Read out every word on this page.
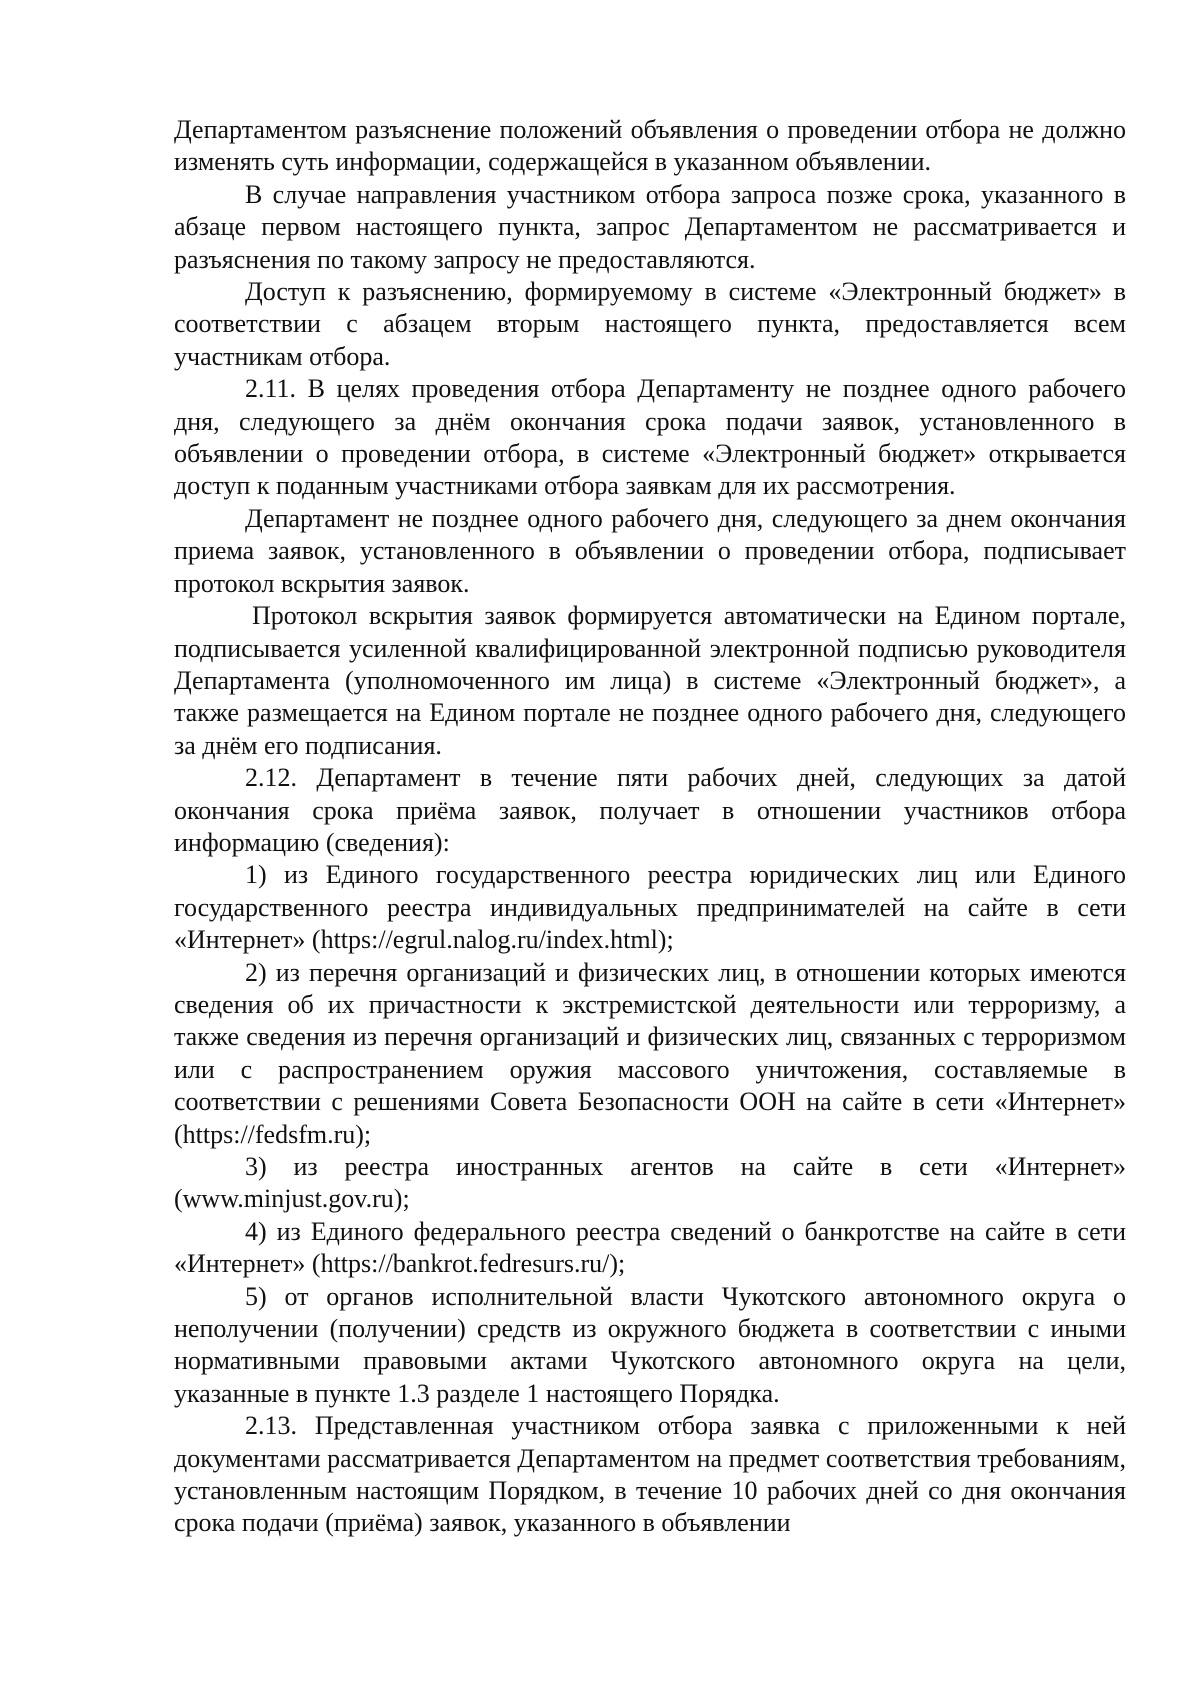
Департаментом разъяснение положений объявления о проведении отбора не должно изменять суть информации, содержащейся в указанном объявлении.

В случае направления участником отбора запроса позже срока, указанного в абзаце первом настоящего пункта, запрос Департаментом не рассматривается и разъяснения по такому запросу не предоставляются.

Доступ к разъяснению, формируемому в системе «Электронный бюджет» в соответствии с абзацем вторым настоящего пункта, предоставляется всем участникам отбора.

2.11. В целях проведения отбора Департаменту не позднее одного рабочего дня, следующего за днём окончания срока подачи заявок, установленного в объявлении о проведении отбора, в системе «Электронный бюджет» открывается доступ к поданным участниками отбора заявкам для их рассмотрения.

Департамент не позднее одного рабочего дня, следующего за днем окончания приема заявок, установленного в объявлении о проведении отбора, подписывает протокол вскрытия заявок.

Протокол вскрытия заявок формируется автоматически на Едином портале, подписывается усиленной квалифицированной электронной подписью руководителя Департамента (уполномоченного им лица) в системе «Электронный бюджет», а также размещается на Едином портале не позднее одного рабочего дня, следующего за днём его подписания.

2.12. Департамент в течение пяти рабочих дней, следующих за датой окончания срока приёма заявок, получает в отношении участников отбора информацию (сведения):

1) из Единого государственного реестра юридических лиц или Единого государственного реестра индивидуальных предпринимателей на сайте в сети «Интернет» (https://egrul.nalog.ru/index.html);

2) из перечня организаций и физических лиц, в отношении которых имеются сведения об их причастности к экстремистской деятельности или терроризму, а также сведения из перечня организаций и физических лиц, связанных с терроризмом или с распространением оружия массового уничтожения, составляемые в соответствии с решениями Совета Безопасности ООН на сайте в сети «Интернет» (https://fedsfm.ru);

3) из реестра иностранных агентов на сайте в сети «Интернет» (www.minjust.gov.ru);

4) из Единого федерального реестра сведений о банкротстве на сайте в сети «Интернет» (https://bankrot.fedresurs.ru/);

5) от органов исполнительной власти Чукотского автономного округа о неполучении (получении) средств из окружного бюджета в соответствии с иными нормативными правовыми актами Чукотского автономного округа на цели, указанные в пункте 1.3 разделе 1 настоящего Порядка.

2.13. Представленная участником отбора заявка с приложенными к ней документами рассматривается Департаментом на предмет соответствия требованиям, установленным настоящим Порядком, в течение 10 рабочих дней со дня окончания срока подачи (приёма) заявок, указанного в объявлении
